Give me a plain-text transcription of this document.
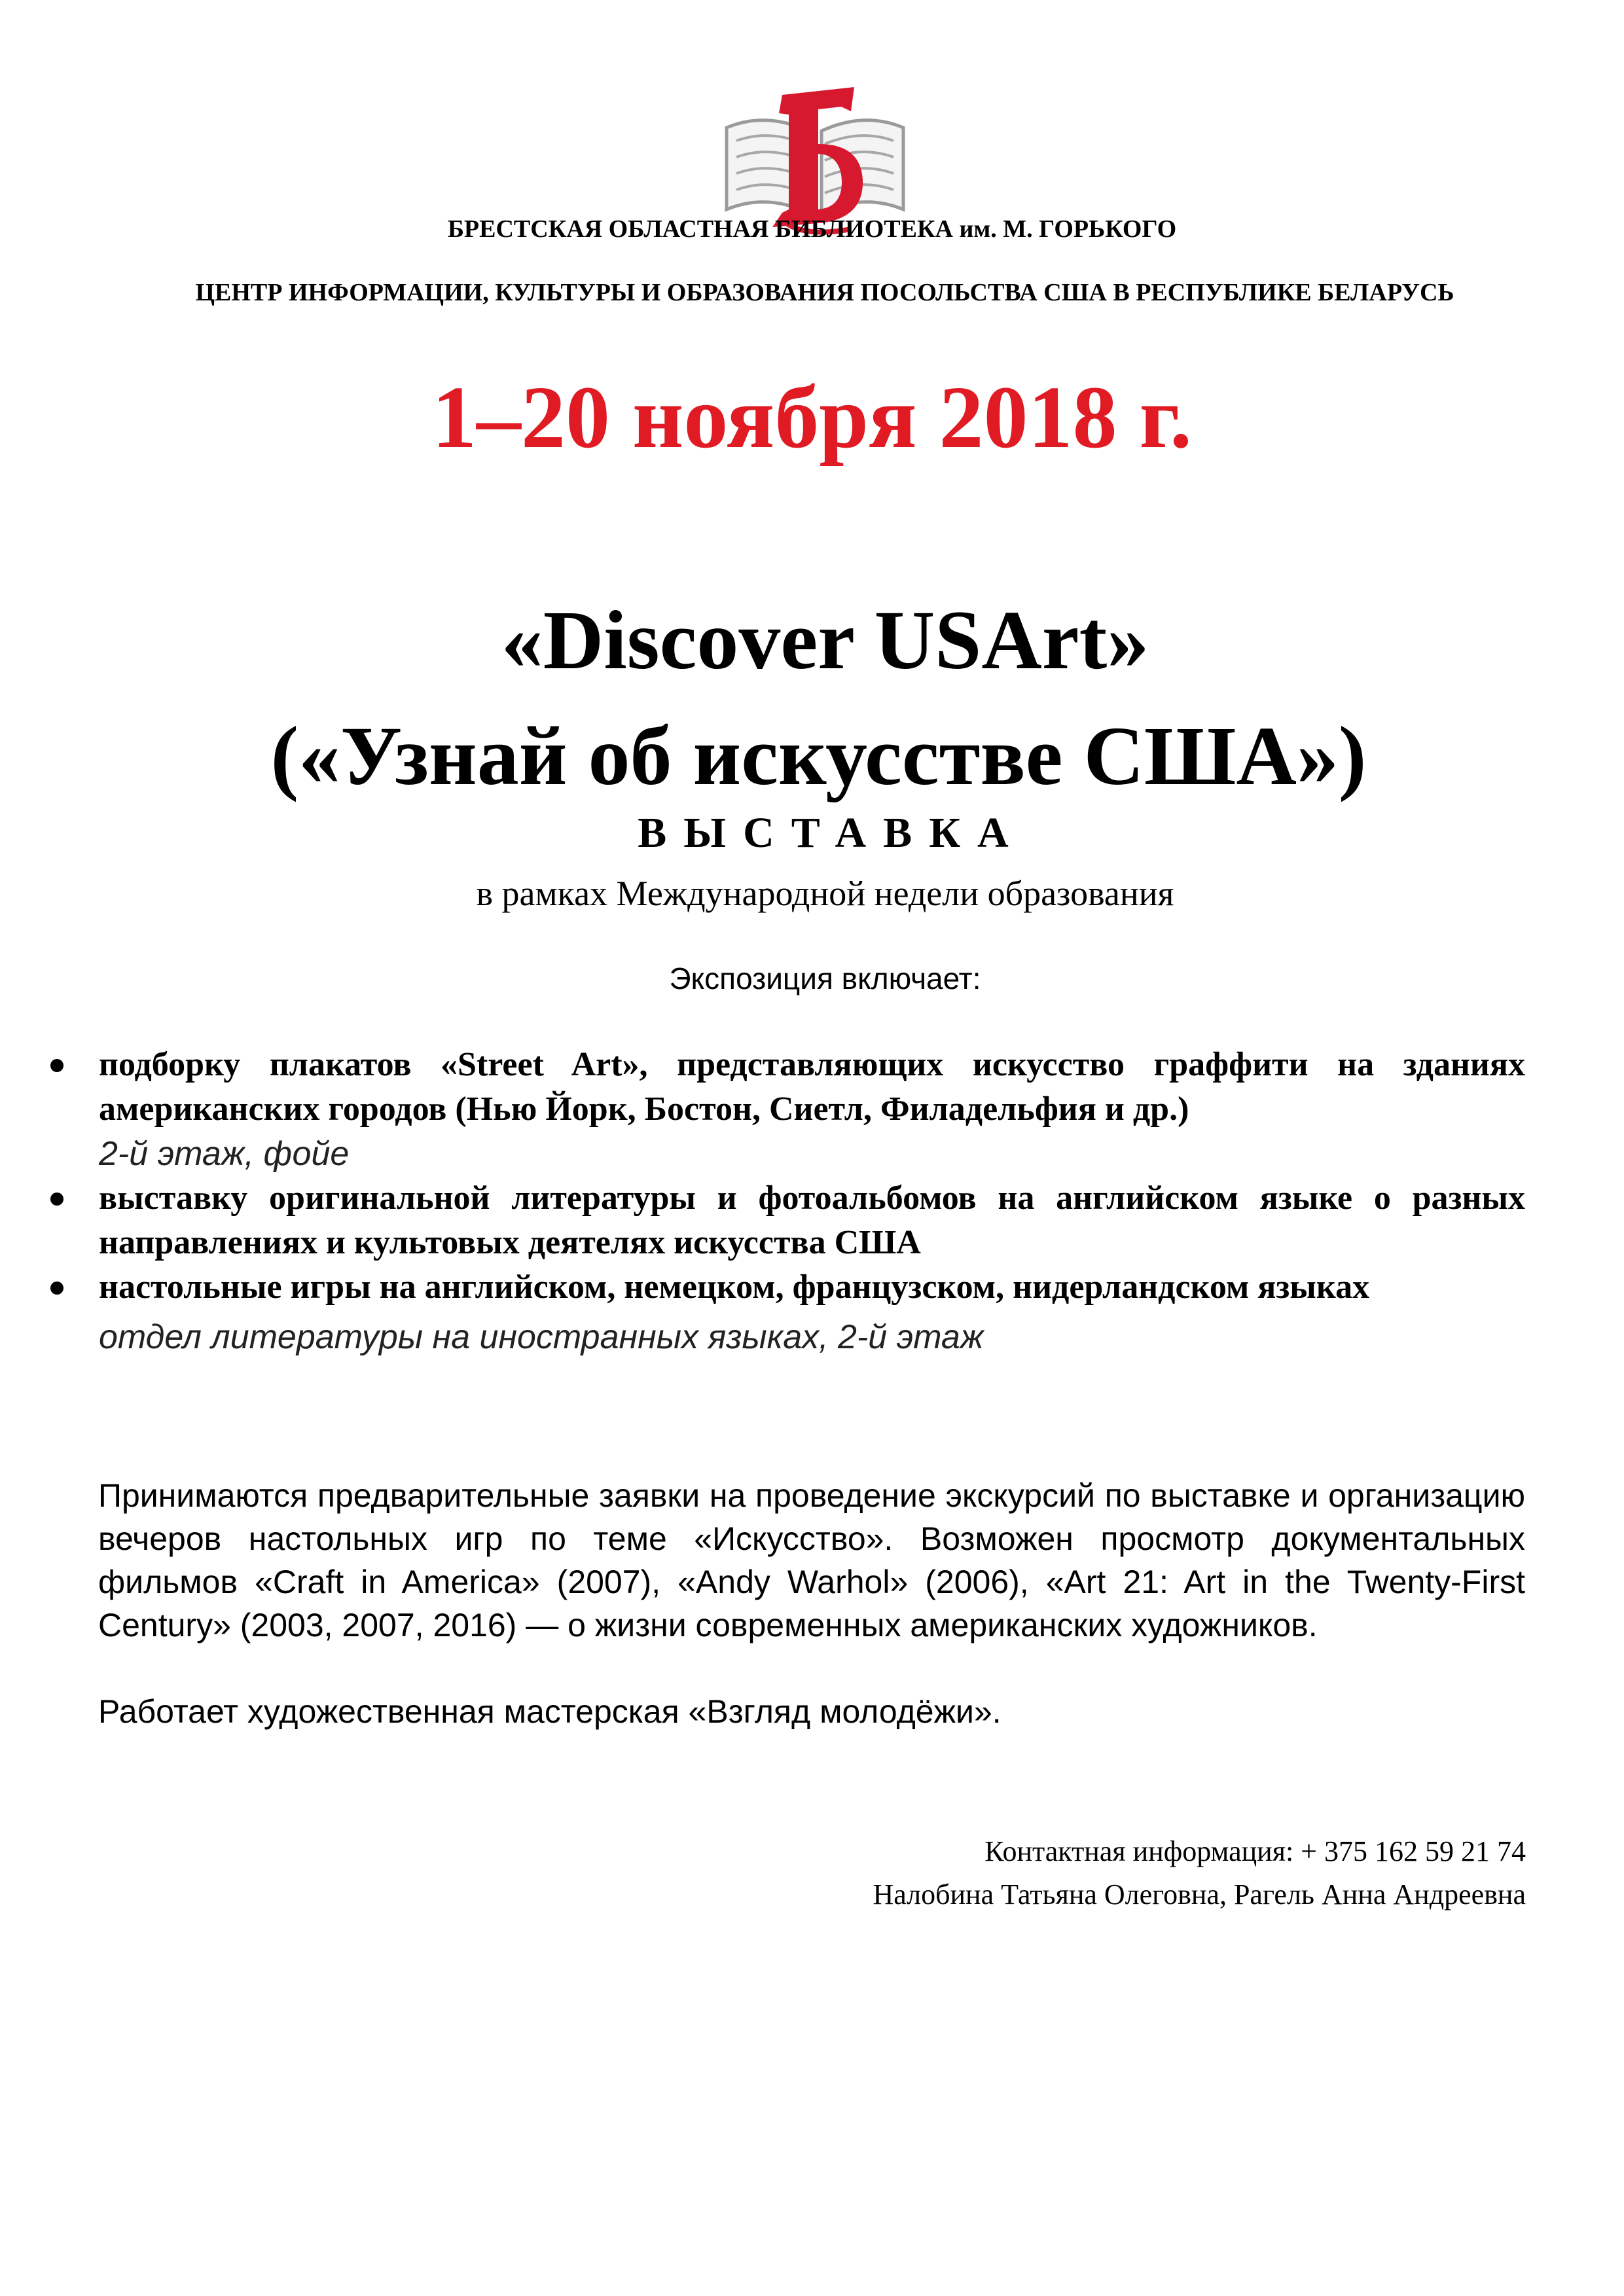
БРЕСТСКАЯ ОБЛАСТНАЯ БИБЛИОТЕКА им. М. ГОРЬКОГО
ЦЕНТР ИНФОРМАЦИИ, КУЛЬТУРЫ И ОБРАЗОВАНИЯ ПОСОЛЬСТВА США В РЕСПУБЛИКЕ БЕЛАРУСЬ
1–20 ноября 2018 г.
«Discover USArt»
(«Узнай об искусстве США»)
ВЫСТАВКА
в рамках Международной недели образования
Экспозиция включает:
подборку плакатов «Street Art», представляющих искусство граффити на зданиях американских городов (Нью Йорк, Бостон, Сиетл, Филадельфия и др.)
2-й этаж, фойе
выставку оригинальной литературы и фотоальбомов на английском языке о разных направлениях и культовых деятелях искусства США
настольные игры на английском, немецком, французском, нидерландском языках
отдел литературы на иностранных языках, 2-й этаж

Принимаются предварительные заявки на проведение экскурсий по выставке и организацию вечеров настольных игр по теме «Искусство». Возможен просмотр документальных фильмов «Craft in America» (2007), «Andy Warhol» (2006), «Art 21: Art in the Twenty-First Century» (2003, 2007, 2016) — о жизни современных американских художников.

Работает художественная мастерская «Взгляд молодёжи».

Контактная информация: + 375 162 59 21 74
Налобина Татьяна Олеговна, Рагель Анна Андреевна
